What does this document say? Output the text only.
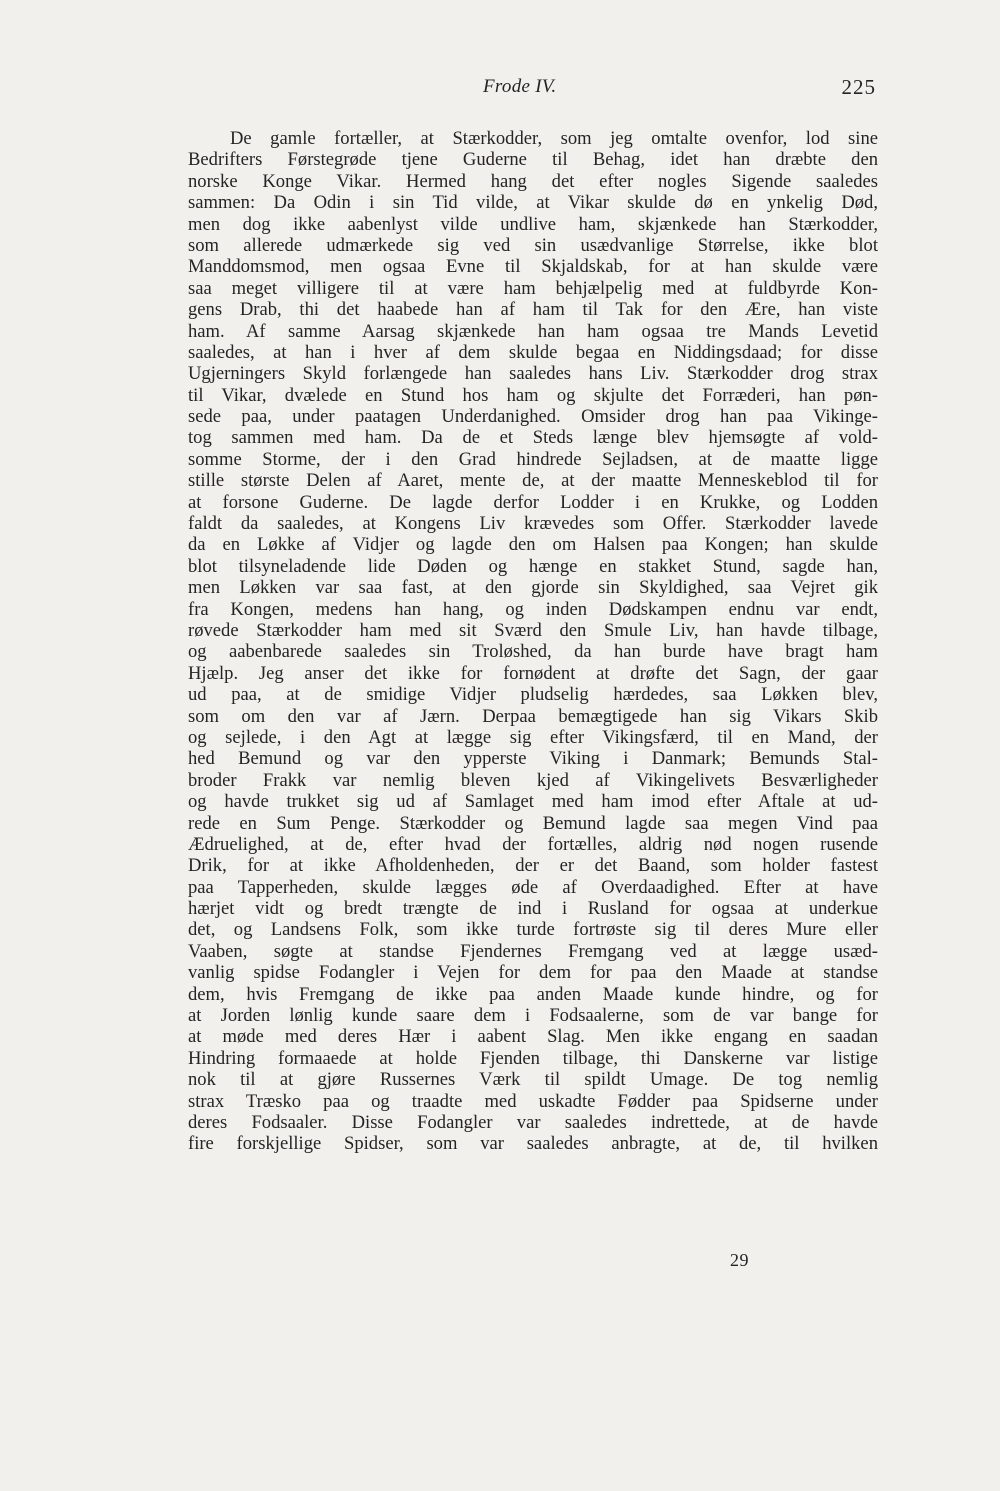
Frode IV.	225
De gamle fortæller, at Stærkodder, som jeg omtalte ovenfor, lod sine
Bedrifters Førstegrøde tjene Guderne til Behag, idet han dræbte den
norske Konge Vikar. Hermed hang det efter nogles Sigende saaledes
sammen: Da Odin i sin Tid vilde, at Vikar skulde dø en ynkelig Død,
men dog ikke aabenlyst vilde undlive ham, skjænkede han Stærkodder,
som allerede udmærkede sig ved sin usædvanlige Størrelse, ikke blot
Manddomsmod, men ogsaa Evne til Skjaldskab, for at han skulde være
saa meget villigere til at være ham behjælpelig med at fuldbyrde Kon-
gens Drab, thi det haabede han af ham til Tak for den Ære, han viste
ham. Af samme Aarsag skjænkede han ham ogsaa tre Mands Levetid
saaledes, at han i hver af dem skulde begaa en Niddingsdaad; for disse
Ugjerningers Skyld forlængede han saaledes hans Liv. Stærkodder drog strax
til Vikar, dvælede en Stund hos ham og skjulte det Forræderi, han pøn-
sede paa, under paatagen Underdanighed. Omsider drog han paa Vikinge-
tog sammen med ham. Da de et Steds længe blev hjemsøgte af vold-
somme Storme, der i den Grad hindrede Sejladsen, at de maatte ligge
stille største Delen af Aaret, mente de, at der maatte Menneskeblod til for
at forsone Guderne. De lagde derfor Lodder i en Krukke, og Lodden
faldt da saaledes, at Kongens Liv krævedes som Offer. Stærkodder lavede
da en Løkke af Vidjer og lagde den om Halsen paa Kongen; han skulde
blot tilsyneladende lide Døden og hænge en stakket Stund, sagde han,
men Løkken var saa fast, at den gjorde sin Skyldighed, saa Vejret gik
fra Kongen, medens han hang, og inden Dødskampen endnu var endt,
røvede Stærkodder ham med sit Sværd den Smule Liv, han havde tilbage,
og aabenbarede saaledes sin Troløshed, da han burde have bragt ham
Hjælp. Jeg anser det ikke for fornødent at drøfte det Sagn, der gaar
ud paa, at de smidige Vidjer pludselig hærdedes, saa Løkken blev,
som om den var af Jærn. Derpaa bemægtigede han sig Vikars Skib
og sejlede, i den Agt at lægge sig efter Vikingsfærd, til en Mand, der
hed Bemund og var den ypperste Viking i Danmark; Bemunds Stal-
broder Frakk var nemlig bleven kjed af Vikingelivets Besværligheder
og havde trukket sig ud af Samlaget med ham imod efter Aftale at ud-
rede en Sum Penge. Stærkodder og Bemund lagde saa megen Vind paa
Ædruelighed, at de, efter hvad der fortælles, aldrig nød nogen rusende
Drik, for at ikke Afholdenheden, der er det Baand, som holder fastest
paa Tapperheden, skulde lægges øde af Overdaadighed. Efter at have
hærjet vidt og bredt trængte de ind i Rusland for ogsaa at underkue
det, og Landsens Folk, som ikke turde fortrøste sig til deres Mure eller
Vaaben, søgte at standse Fjendernes Fremgang ved at lægge usæd-
vanlig spidse Fodangler i Vejen for dem for paa den Maade at standse
dem, hvis Fremgang de ikke paa anden Maade kunde hindre, og for
at Jorden lønlig kunde saare dem i Fodsaalerne, som de var bange for
at møde med deres Hær i aabent Slag. Men ikke engang en saadan
Hindring formaaede at holde Fjenden tilbage, thi Danskerne var listige
nok til at gjøre Russernes Værk til spildt Umage. De tog nemlig
strax Træsko paa og traadte med uskadte Fødder paa Spidserne under
deres Fodsaaler. Disse Fodangler var saaledes indrettede, at de havde
fire forskjellige Spidser, som var saaledes anbragte, at de, til hvilken
29
